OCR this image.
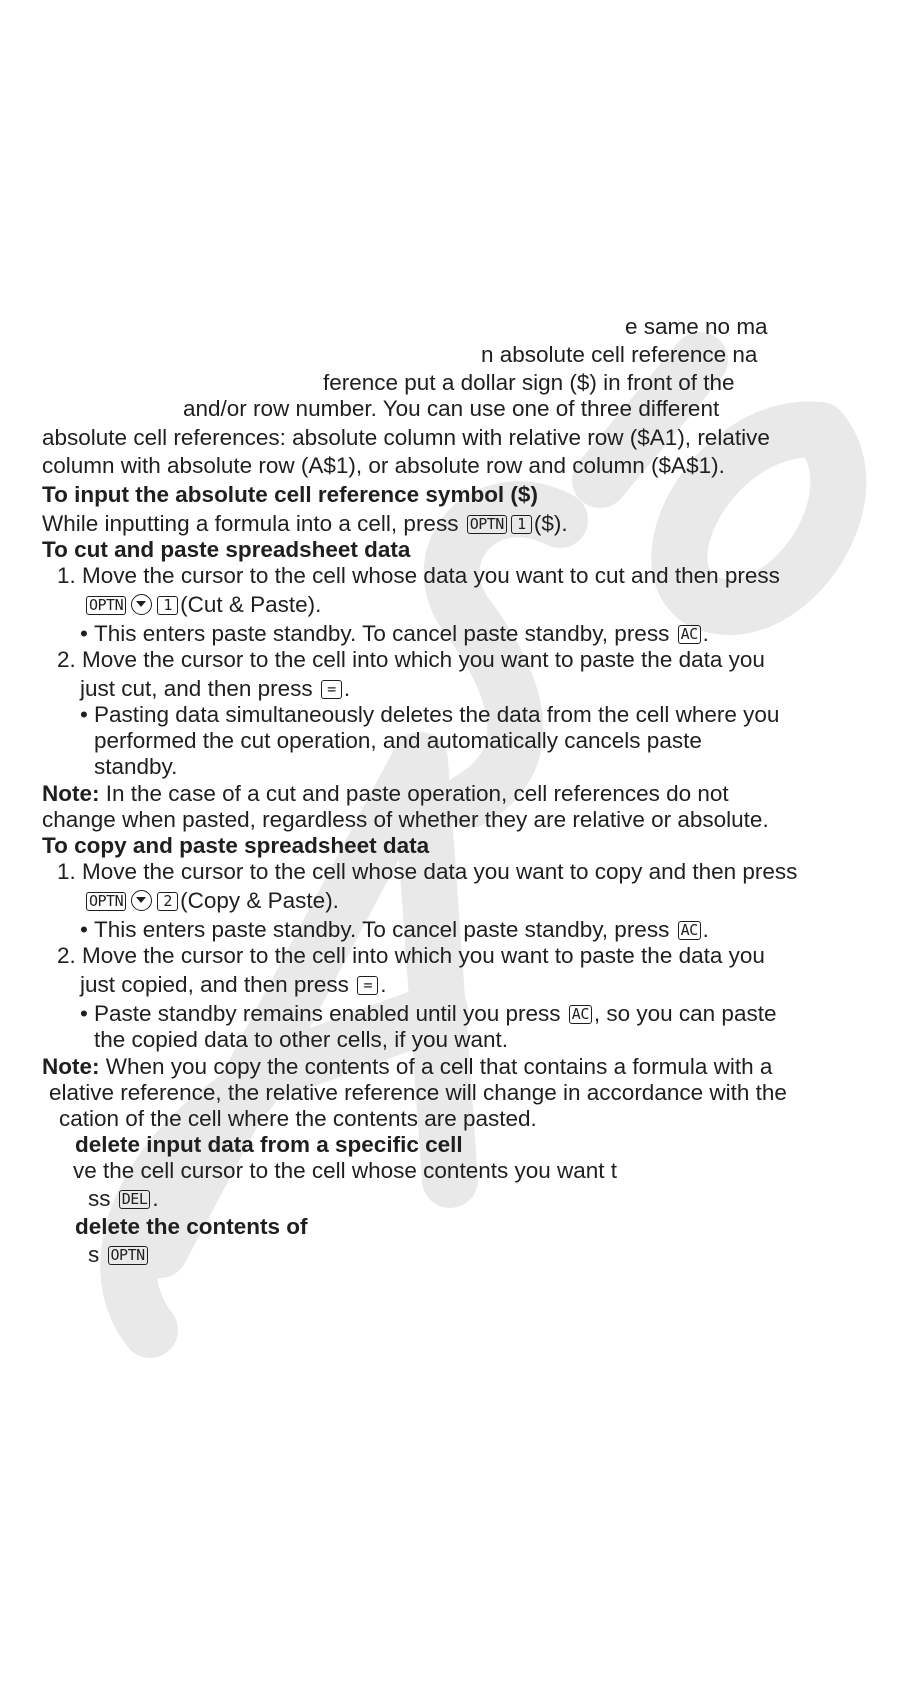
e same no ma
n absolute cell reference na
ference put a dollar sign ($) in front of the
and/or row number. You can use one of three different
absolute cell references: absolute column with relative row ($A1), relative
column with absolute row (A$1), or absolute row and column ($A$1).
To input the absolute cell reference symbol ($)
While inputting a formula into a cell, press OPTN 1 ($).
To cut and paste spreadsheet data
1. Move the cursor to the cell whose data you want to cut and then press
OPTN	1 (Cut & Paste).
• This enters paste standby. To cancel paste standby, press AC .
2. Move the cursor to the cell into which you want to paste the data you
just cut, and then press = .
• Pasting data simultaneously deletes the data from the cell where you
performed the cut operation, and automatically cancels paste
standby.
Note: In the case of a cut and paste operation, cell references do not
change when pasted, regardless of whether they are relative or absolute.
To copy and paste spreadsheet data
1. Move the cursor to the cell whose data you want to copy and then press
OPTN	2 (Copy & Paste).
• This enters paste standby. To cancel paste standby, press AC .
2. Move the cursor to the cell into which you want to paste the data you
just copied, and then press = .
• Paste standby remains enabled until you press AC , so you can paste
the copied data to other cells, if you want.
Note: When you copy the contents of a cell that contains a formula with a
elative reference, the relative reference will change in accordance with the
cation of the cell where the contents are pasted.
delete input data from a specific cell
ve the cell cursor to the cell whose contents you want t
ss DEL .
delete the contents of
s OPTN
